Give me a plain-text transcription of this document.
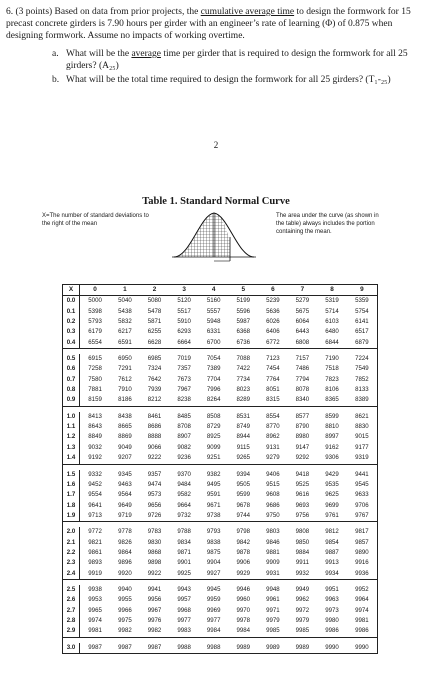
6. (3 points) Based on data from prior projects, the cumulative average time to design the formwork for 15 precast concrete girders is 7.90 hours per girder with an engineer’s rate of learning (Φ) of 0.875 when designing formwork. Assume no impacts of working overtime.
a. What will be the average time per girder that is required to design the formwork for all 25 girders? (A₂₅)
b. What will be the total time required to design the formwork for all 25 girders? (T₁-₂₅)
2
Table 1. Standard Normal Curve
X=The number of standard deviations to the right of the mean
The area under the curve (as shown in the table) always includes the portion containing the mean.
X	0	1	2	3	4	5	6	7	8	9
0.0	5000	5040	5080	5120	5160	5199	5239	5279	5319	5359
0.1	5398	5438	5478	5517	5557	5596	5636	5675	5714	5754
0.2	5793	5832	5871	5910	5948	5987	6026	6064	6103	6141
0.3	6179	6217	6255	6293	6331	6368	6406	6443	6480	6517
0.4	6554	6591	6628	6664	6700	6736	6772	6808	6844	6879

0.5	6915	6950	6985	7019	7054	7088	7123	7157	7190	7224
0.6	7258	7291	7324	7357	7389	7422	7454	7486	7518	7549
0.7	7580	7612	7642	7673	7704	7734	7764	7794	7823	7852
0.8	7881	7910	7939	7967	7996	8023	8051	8078	8106	8133
0.9	8159	8186	8212	8238	8264	8289	8315	8340	8365	8389

1.0	8413	8438	8461	8485	8508	8531	8554	8577	8599	8621
1.1	8643	8665	8686	8708	8729	8749	8770	8790	8810	8830
1.2	8849	8869	8888	8907	8925	8944	8962	8980	8997	9015
1.3	9032	9049	9066	9082	9099	9115	9131	9147	9162	9177
1.4	9192	9207	9222	9236	9251	9265	9279	9292	9306	9319

1.5	9332	9345	9357	9370	9382	9394	9406	9418	9429	9441
1.6	9452	9463	9474	9484	9495	9505	9515	9525	9535	9545
1.7	9554	9564	9573	9582	9591	9599	9608	9616	9625	9633
1.8	9641	9649	9656	9664	9671	9678	9686	9693	9699	9706
1.9	9713	9719	9726	9732	9738	9744	9750	9756	9761	9767

2.0	9772	9778	9783	9788	9793	9798	9803	9808	9812	9817
2.1	9821	9826	9830	9834	9838	9842	9846	9850	9854	9857
2.2	9861	9864	9868	9871	9875	9878	9881	9884	9887	9890
2.3	9893	9896	9898	9901	9904	9906	9909	9911	9913	9916
2.4	9919	9920	9922	9925	9927	9929	9931	9932	9934	9936

2.5	9938	9940	9941	9943	9945	9946	9948	9949	9951	9952
2.6	9953	9955	9956	9957	9959	9960	9961	9962	9963	9964
2.7	9965	9966	9967	9968	9969	9970	9971	9972	9973	9974
2.8	9974	9975	9976	9977	9977	9978	9979	9979	9980	9981
2.9	9981	9982	9982	9983	9984	9984	9985	9985	9986	9986

3.0	9987	9987	9987	9988	9988	9989	9989	9989	9990	9990
